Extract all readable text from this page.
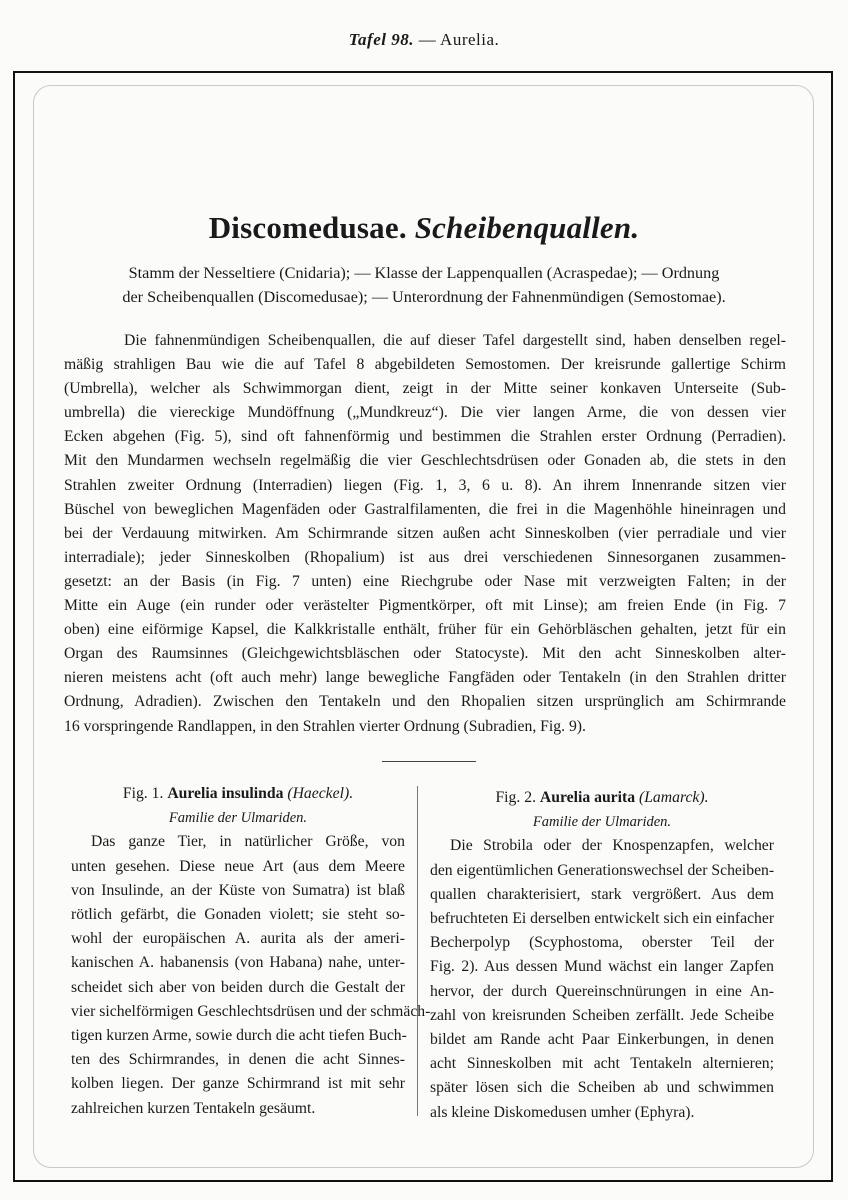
Tafel 98. — Aurelia.
Discomedusae. Scheibenquallen.
Stamm der Nesseltiere (Cnidaria); — Klasse der Lappenquallen (Acraspedae); — Ordnung
der Scheibenquallen (Discomedusae); — Unterordnung der Fahnenmündigen (Semostomae).
Die fahnenmündigen Scheibenquallen, die auf dieser Tafel dargestellt sind, haben denselben regel-
mäßig strahligen Bau wie die auf Tafel 8 abgebildeten Semostomen. Der kreisrunde gallertige Schirm
(Umbrella), welcher als Schwimmorgan dient, zeigt in der Mitte seiner konkaven Unterseite (Sub-
umbrella) die viereckige Mundöffnung („Mundkreuz“). Die vier langen Arme, die von dessen vier
Ecken abgehen (Fig. 5), sind oft fahnenförmig und bestimmen die Strahlen erster Ordnung (Perradien).
Mit den Mundarmen wechseln regelmäßig die vier Geschlechtsdrüsen oder Gonaden ab, die stets in den
Strahlen zweiter Ordnung (Interradien) liegen (Fig. 1, 3, 6 u. 8). An ihrem Innenrande sitzen vier
Büschel von beweglichen Magenfäden oder Gastralfilamenten, die frei in die Magenhöhle hineinragen und
bei der Verdauung mitwirken. Am Schirmrande sitzen außen acht Sinneskolben (vier perradiale und vier
interradiale); jeder Sinneskolben (Rhopalium) ist aus drei verschiedenen Sinnesorganen zusammen-
gesetzt: an der Basis (in Fig. 7 unten) eine Riechgrube oder Nase mit verzweigten Falten; in der
Mitte ein Auge (ein runder oder verästelter Pigmentkörper, oft mit Linse); am freien Ende (in Fig. 7
oben) eine eiförmige Kapsel, die Kalkkristalle enthält, früher für ein Gehörbläschen gehalten, jetzt für ein
Organ des Raumsinnes (Gleichgewichtsbläschen oder Statocyste). Mit den acht Sinneskolben alter-
nieren meistens acht (oft auch mehr) lange bewegliche Fangfäden oder Tentakeln (in den Strahlen dritter
Ordnung, Adradien). Zwischen den Tentakeln und den Rhopalien sitzen ursprünglich am Schirmrande
16 vorspringende Randlappen, in den Strahlen vierter Ordnung (Subradien, Fig. 9).
Fig. 1. Aurelia insulinda (Haeckel).
Familie der Ulmariden.
Das ganze Tier, in natürlicher Größe, von
unten gesehen. Diese neue Art (aus dem Meere
von Insulinde, an der Küste von Sumatra) ist blaß
rötlich gefärbt, die Gonaden violett; sie steht so-
wohl der europäischen A. aurita als der ameri-
kanischen A. habanensis (von Habana) nahe, unter-
scheidet sich aber von beiden durch die Gestalt der
vier sichelförmigen Geschlechtsdrüsen und der schmäch-
tigen kurzen Arme, sowie durch die acht tiefen Buch-
ten des Schirmrandes, in denen die acht Sinnes-
kolben liegen. Der ganze Schirmrand ist mit sehr
zahlreichen kurzen Tentakeln gesäumt.
Fig. 2. Aurelia aurita (Lamarck).
Familie der Ulmariden.
Die Strobila oder der Knospenzapfen, welcher
den eigentümlichen Generationswechsel der Scheiben-
quallen charakterisiert, stark vergrößert. Aus dem
befruchteten Ei derselben entwickelt sich ein einfacher
Becherpolyp (Scyphostoma, oberster Teil der
Fig. 2). Aus dessen Mund wächst ein langer Zapfen
hervor, der durch Quereinschnürungen in eine An-
zahl von kreisrunden Scheiben zerfällt. Jede Scheibe
bildet am Rande acht Paar Einkerbungen, in denen
acht Sinneskolben mit acht Tentakeln alternieren;
später lösen sich die Scheiben ab und schwimmen
als kleine Diskomedusen umher (Ephyra).
